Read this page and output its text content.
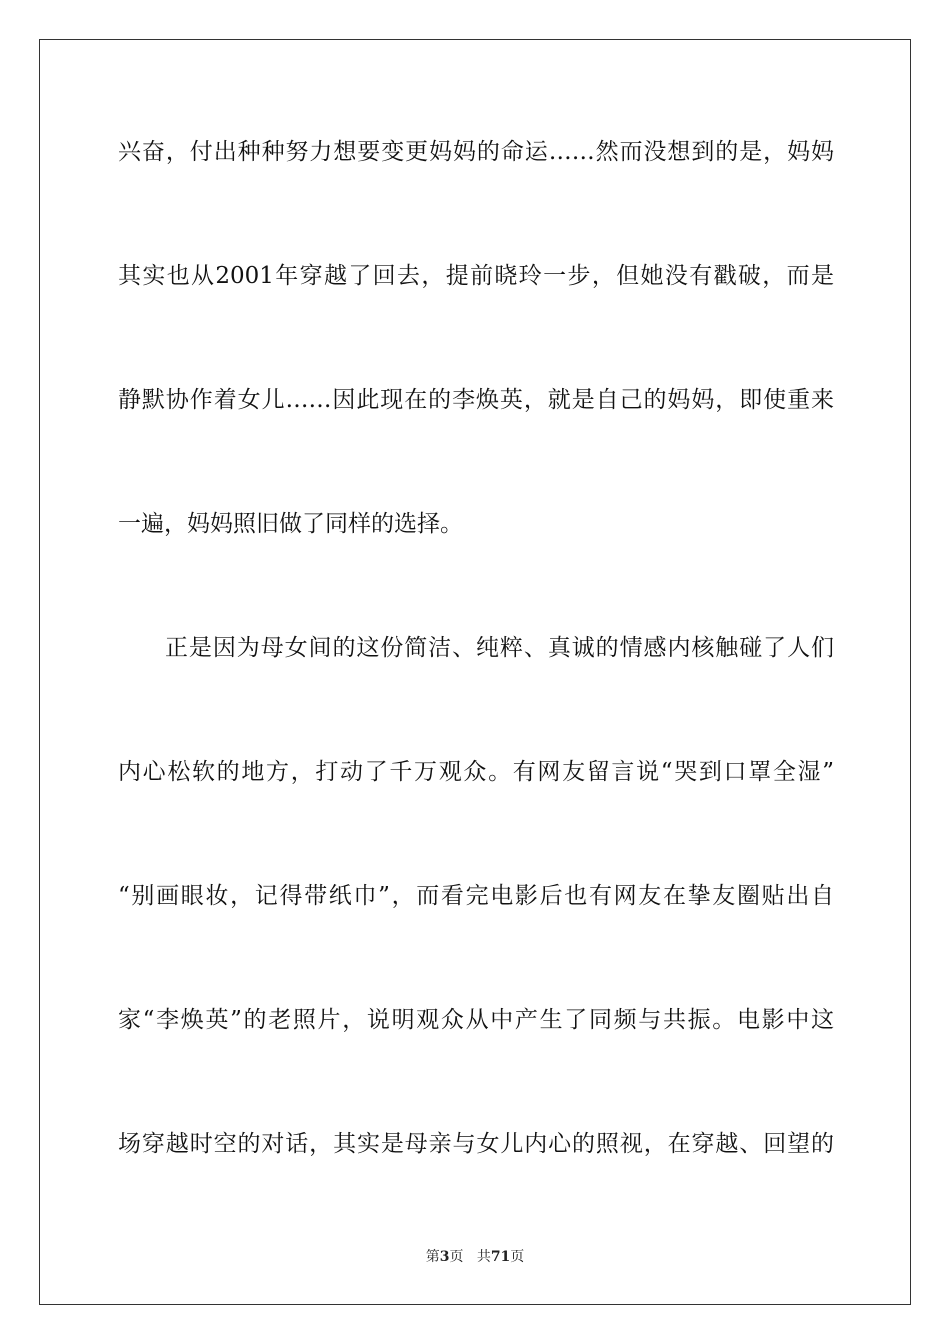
兴奋，付出种种努力想要变更妈妈的命运……然而没想到的是，妈妈
其实也从2001年穿越了回去，提前晓玲一步，但她没有戳破，而是
静默协作着女儿……因此现在的李焕英，就是自己的妈妈，即使重来
一遍，妈妈照旧做了同样的选择。
正是因为母女间的这份简洁、纯粹、真诚的情感内核触碰了人们
内心松软的地方，打动了千万观众。有网友留言说“哭到口罩全湿”
“别画眼妆，记得带纸巾”，而看完电影后也有网友在挚友圈贴出自
家“李焕英”的老照片，说明观众从中产生了同频与共振。电影中这
场穿越时空的对话，其实是母亲与女儿内心的照视，在穿越、回望的
第3页 共71页
